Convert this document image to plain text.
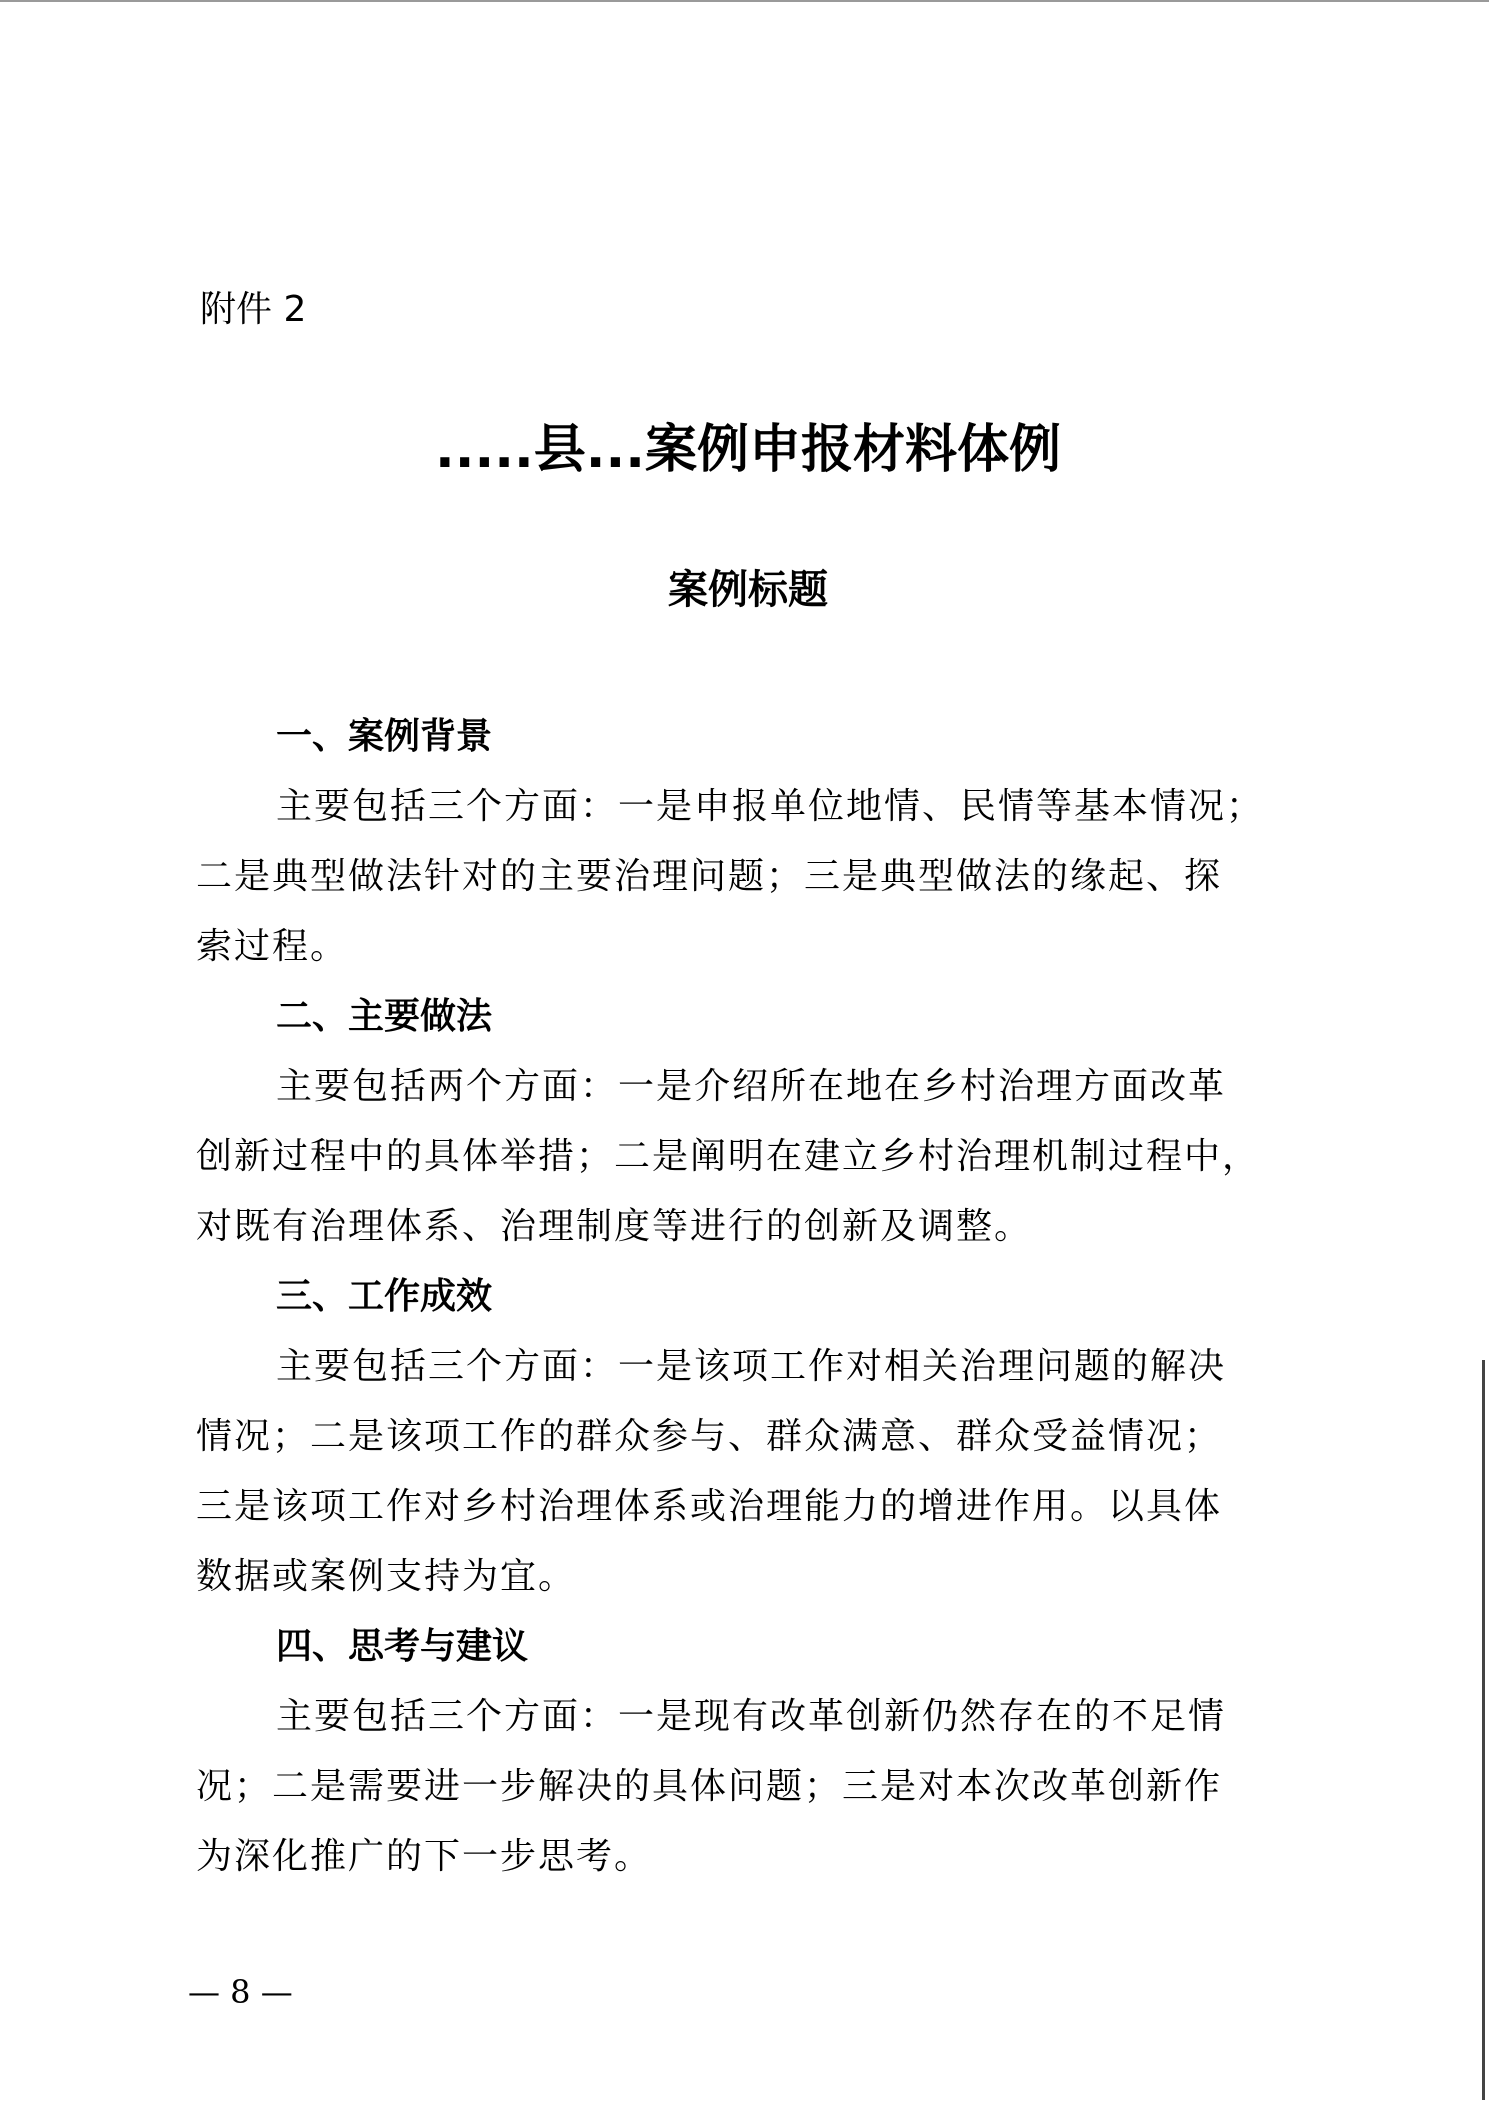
附件 2
.....县...案例申报材料体例
案例标题
一、案例背景

主要包括三个方面：一是申报单位地情、民情等基本情况；
二是典型做法针对的主要治理问题；三是典型做法的缘起、探
索过程。

二、主要做法

主要包括两个方面：一是介绍所在地在乡村治理方面改革
创新过程中的具体举措；二是阐明在建立乡村治理机制过程中，
对既有治理体系、治理制度等进行的创新及调整。

三、工作成效

主要包括三个方面：一是该项工作对相关治理问题的解决
情况；二是该项工作的群众参与、群众满意、群众受益情况；
三是该项工作对乡村治理体系或治理能力的增进作用。以具体
数据或案例支持为宜。

四、思考与建议

主要包括三个方面：一是现有改革创新仍然存在的不足情
况；二是需要进一步解决的具体问题；三是对本次改革创新作
为深化推广的下一步思考。

— 8 —
